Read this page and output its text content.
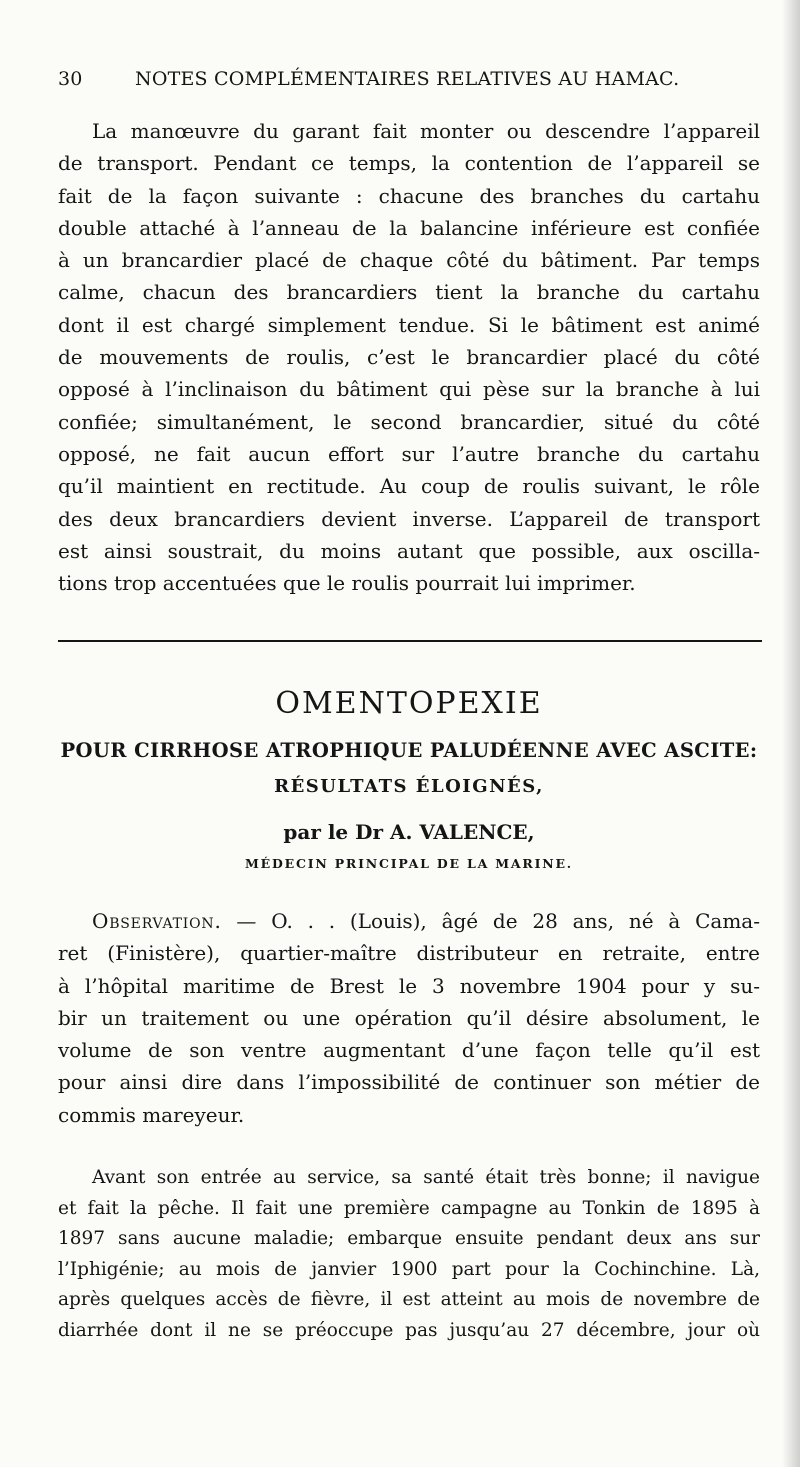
30	NOTES COMPLÉMENTAIRES RELATIVES AU HAMAC.
La manœuvre du garant fait monter ou descendre l’appareil
de transport. Pendant ce temps, la contention de l’appareil se
fait de la façon suivante : chacune des branches du cartahu
double attaché à l’anneau de la balancine inférieure est confiée
à un brancardier placé de chaque côté du bâtiment. Par temps
calme, chacun des brancardiers tient la branche du cartahu
dont il est chargé simplement tendue. Si le bâtiment est animé
de mouvements de roulis, c’est le brancardier placé du côté
opposé à l’inclinaison du bâtiment qui pèse sur la branche à lui
confiée; simultanément, le second brancardier, situé du côté
opposé, ne fait aucun effort sur l’autre branche du cartahu
qu’il maintient en rectitude. Au coup de roulis suivant, le rôle
des deux brancardiers devient inverse. L’appareil de transport
est ainsi soustrait, du moins autant que possible, aux oscilla-
tions trop accentuées que le roulis pourrait lui imprimer.
OMENTOPEXIE
POUR CIRRHOSE ATROPHIQUE PALUDÉENNE AVEC ASCITE:
RÉSULTATS ÉLOIGNÉS,
par le Dr A. VALENCE,
MÉDECIN PRINCIPAL DE LA MARINE.
Observation. — O. . . (Louis), âgé de 28 ans, né à Cama-
ret (Finistère), quartier-maître distributeur en retraite, entre
à l’hôpital maritime de Brest le 3 novembre 1904 pour y su-
bir un traitement ou une opération qu’il désire absolument, le
volume de son ventre augmentant d’une façon telle qu’il est
pour ainsi dire dans l’impossibilité de continuer son métier de
commis mareyeur.
Avant son entrée au service, sa santé était très bonne; il navigue
et fait la pêche. Il fait une première campagne au Tonkin de 1895 à
1897 sans aucune maladie; embarque ensuite pendant deux ans sur
l’Iphigénie; au mois de janvier 1900 part pour la Cochinchine. Là,
après quelques accès de fièvre, il est atteint au mois de novembre de
diarrhée dont il ne se préoccupe pas jusqu’au 27 décembre, jour où
